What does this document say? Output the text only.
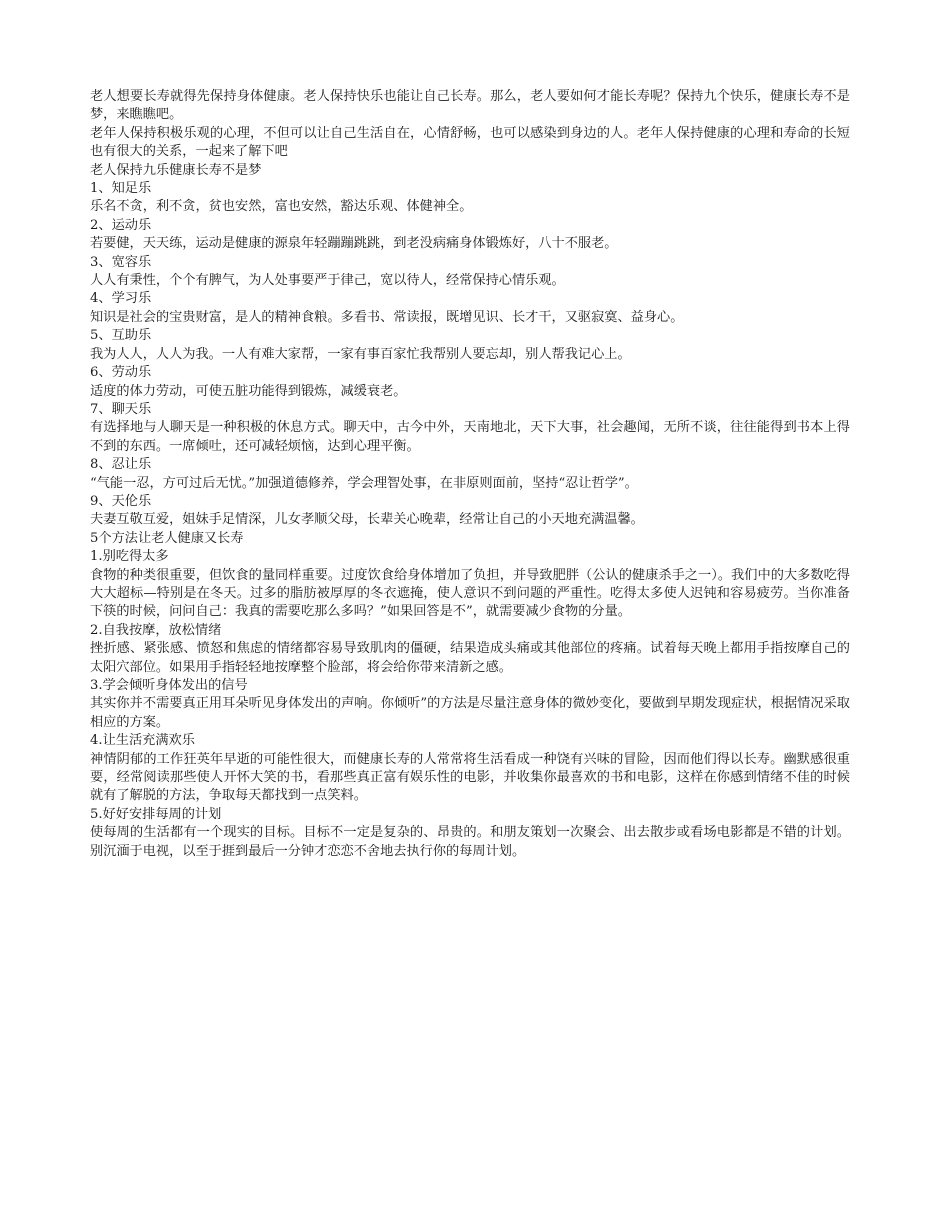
老人想要长寿就得先保持身体健康。老人保持快乐也能让自己长寿。那么，老人要如何才能长寿呢？保持九个快乐，健康长寿不是梦，来瞧瞧吧。

老年人保持积极乐观的心理，不但可以让自己生活自在，心情舒畅，也可以感染到身边的人。老年人保持健康的心理和寿命的长短也有很大的关系，一起来了解下吧

老人保持九乐健康长寿不是梦

1、知足乐

乐名不贪，利不贪，贫也安然，富也安然，豁达乐观、体健神全。

2、运动乐

若要健，天天练，运动是健康的源泉年轻蹦蹦跳跳，到老没病痛身体锻炼好，八十不服老。

3、宽容乐

人人有秉性，个个有脾气，为人处事要严于律己，宽以待人，经常保持心情乐观。

4、学习乐

知识是社会的宝贵财富，是人的精神食粮。多看书、常读报，既增见识、长才干，又驱寂寞、益身心。

5、互助乐

我为人人，人人为我。一人有难大家帮，一家有事百家忙我帮别人要忘却，别人帮我记心上。

6、劳动乐

适度的体力劳动，可使五脏功能得到锻炼，减缓衰老。

7、聊天乐

有选择地与人聊天是一种积极的休息方式。聊天中，古今中外，天南地北，天下大事，社会趣闻，无所不谈，往往能得到书本上得不到的东西。一席倾吐，还可减轻烦恼，达到心理平衡。

8、忍让乐

“气能一忍，方可过后无忧。”加强道德修养，学会理智处事，在非原则面前，坚持“忍让哲学”。

9、天伦乐

夫妻互敬互爱，姐妹手足情深，儿女孝顺父母，长辈关心晚辈，经常让自己的小天地充满温馨。

5个方法让老人健康又长寿

1.别吃得太多

食物的种类很重要，但饮食的量同样重要。过度饮食给身体增加了负担，并导致肥胖（公认的健康杀手之一）。我们中的大多数吃得大大超标—特别是在冬天。过多的脂肪被厚厚的冬衣遮掩，使人意识不到问题的严重性。吃得太多使人迟钝和容易疲劳。当你准备下筷的时候，问问自己：我真的需要吃那么多吗？”如果回答是不”，就需要减少食物的分量。

2.自我按摩，放松情绪

挫折感、紧张感、愤怒和焦虑的情绪都容易导致肌肉的僵硬，结果造成头痛或其他部位的疼痛。试着每天晚上都用手指按摩自己的太阳穴部位。如果用手指轻轻地按摩整个脸部，将会给你带来清新之感。

3.学会倾听身体发出的信号

其实你并不需要真正用耳朵听见身体发出的声响。你倾听”的方法是尽量注意身体的微妙变化，要做到早期发现症状，根据情况采取相应的方案。

4.让生活充满欢乐

神情阴郁的工作狂英年早逝的可能性很大，而健康长寿的人常常将生活看成一种饶有兴味的冒险，因而他们得以长寿。幽默感很重要，经常阅读那些使人开怀大笑的书，看那些真正富有娱乐性的电影，并收集你最喜欢的书和电影，这样在你感到情绪不佳的时候就有了解脱的方法，争取每天都找到一点笑料。

5.好好安排每周的计划

使每周的生活都有一个现实的目标。目标不一定是复杂的、昂贵的。和朋友策划一次聚会、出去散步或看场电影都是不错的计划。别沉湎于电视，以至于捱到最后一分钟才恋恋不舍地去执行你的每周计划。
